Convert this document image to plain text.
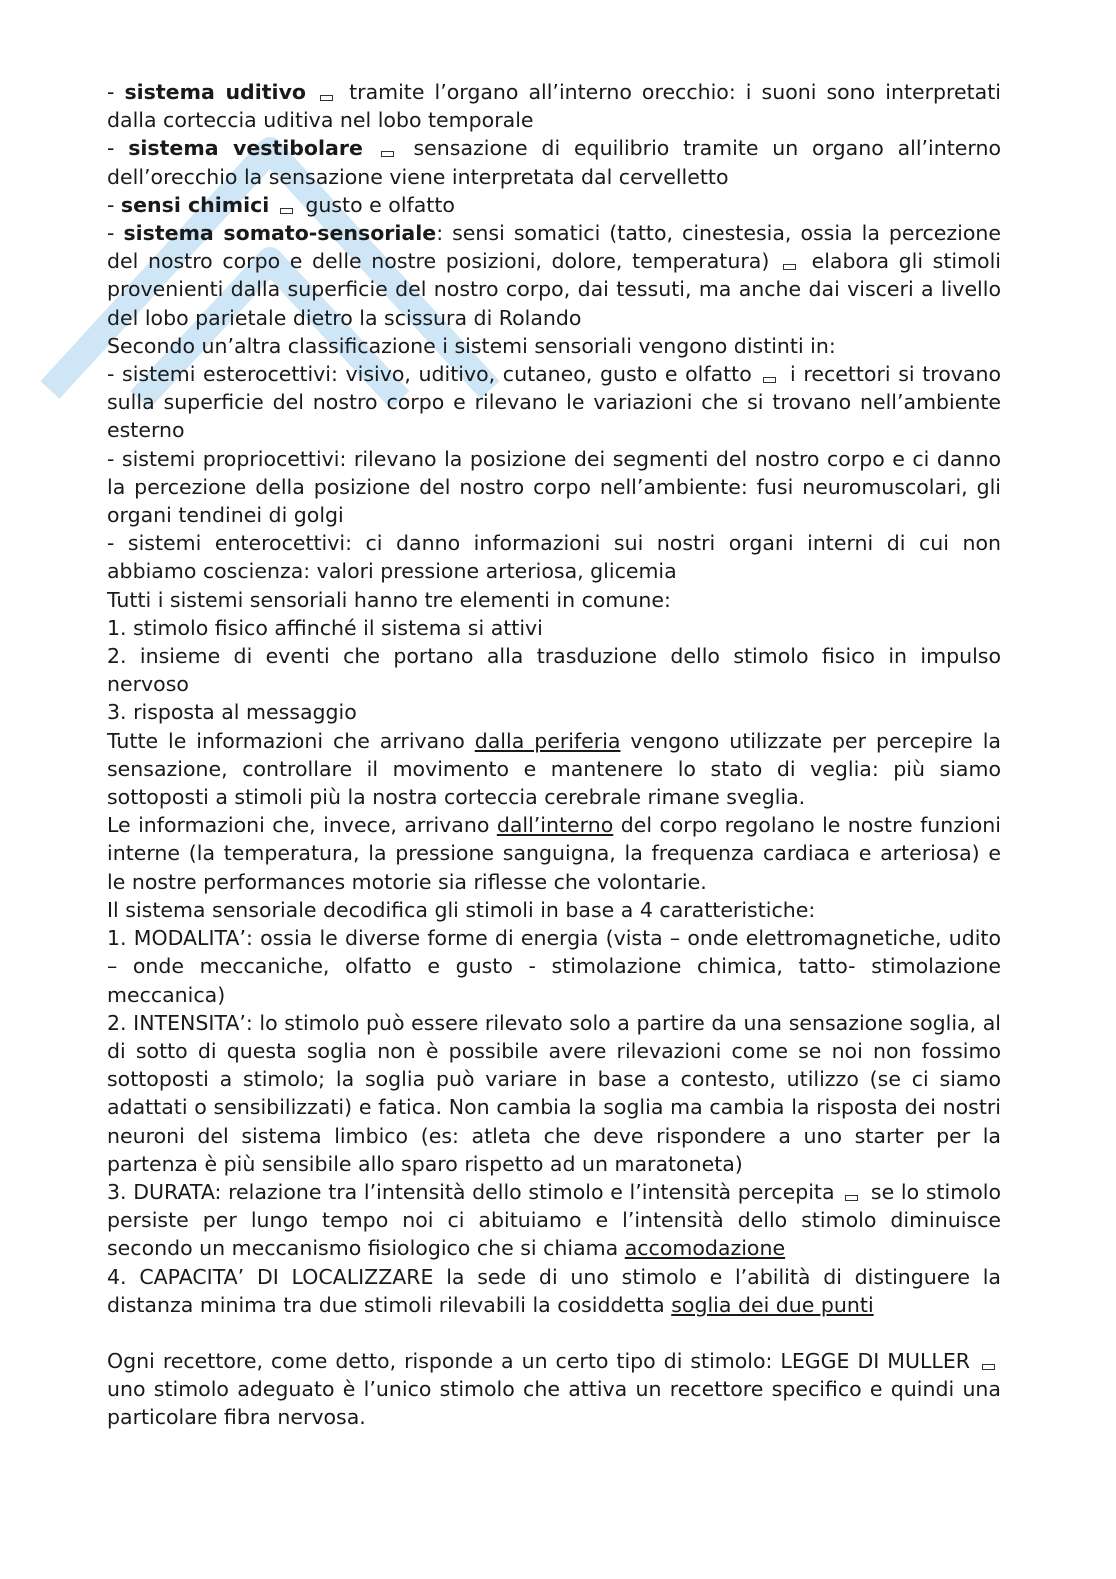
- sistema uditivo  tramite l’organo all’interno orecchio: i suoni sono interpretati dalla corteccia uditiva nel lobo temporale

- sistema vestibolare  sensazione di equilibrio tramite un organo all’interno dell’orecchio la sensazione viene interpretata dal cervelletto

- sensi chimici  gusto e olfatto

- sistema somato-sensoriale: sensi somatici (tatto, cinestesia, ossia la percezione del nostro corpo e delle nostre posizioni, dolore, temperatura)  elabora gli stimoli provenienti dalla superficie del nostro corpo, dai tessuti, ma anche dai visceri a livello del lobo parietale dietro la scissura di Rolando

Secondo un’altra classificazione i sistemi sensoriali vengono distinti in:

- sistemi esterocettivi: visivo, uditivo, cutaneo, gusto e olfatto  i recettori si trovano sulla superficie del nostro corpo e rilevano le variazioni che si trovano nell’ambiente esterno

- sistemi propriocettivi: rilevano la posizione dei segmenti del nostro corpo e ci danno la percezione della posizione del nostro corpo nell’ambiente: fusi neuromuscolari, gli organi tendinei di golgi

- sistemi enterocettivi: ci danno informazioni sui nostri organi interni di cui non abbiamo coscienza: valori pressione arteriosa, glicemia

Tutti i sistemi sensoriali hanno tre elementi in comune:

1. stimolo fisico affinché il sistema si attivi

2. insieme di eventi che portano alla trasduzione dello stimolo fisico in impulso nervoso

3. risposta al messaggio

Tutte le informazioni che arrivano dalla periferia vengono utilizzate per percepire la sensazione, controllare il movimento e mantenere lo stato di veglia: più siamo sottoposti a stimoli più la nostra corteccia cerebrale rimane sveglia.

Le informazioni che, invece, arrivano dall’interno del corpo regolano le nostre funzioni interne (la temperatura, la pressione sanguigna, la frequenza cardiaca e arteriosa) e le nostre performances motorie sia riflesse che volontarie.

Il sistema sensoriale decodifica gli stimoli in base a 4 caratteristiche:

1. MODALITA’: ossia le diverse forme di energia (vista – onde elettromagnetiche, udito – onde meccaniche, olfatto e gusto - stimolazione chimica, tatto- stimolazione meccanica)

2. INTENSITA’: lo stimolo può essere rilevato solo a partire da una sensazione soglia, al di sotto di questa soglia non è possibile avere rilevazioni come se noi non fossimo sottoposti a stimolo; la soglia può variare in base a contesto, utilizzo (se ci siamo adattati o sensibilizzati) e fatica. Non cambia la soglia ma cambia la risposta dei nostri neuroni del sistema limbico (es: atleta che deve rispondere a uno starter per la partenza è più sensibile allo sparo rispetto ad un maratoneta)

3. DURATA: relazione tra l’intensità dello stimolo e l’intensità percepita  se lo stimolo persiste per lungo tempo noi ci abituiamo e l’intensità dello stimolo diminuisce secondo un meccanismo fisiologico che si chiama accomodazione

4. CAPACITA’ DI LOCALIZZARE la sede di uno stimolo e l’abilità di distinguere la distanza minima tra due stimoli rilevabili la cosiddetta soglia dei due punti

Ogni recettore, come detto, risponde a un certo tipo di stimolo: LEGGE DI MULLER  uno stimolo adeguato è l’unico stimolo che attiva un recettore specifico e quindi una particolare fibra nervosa.
